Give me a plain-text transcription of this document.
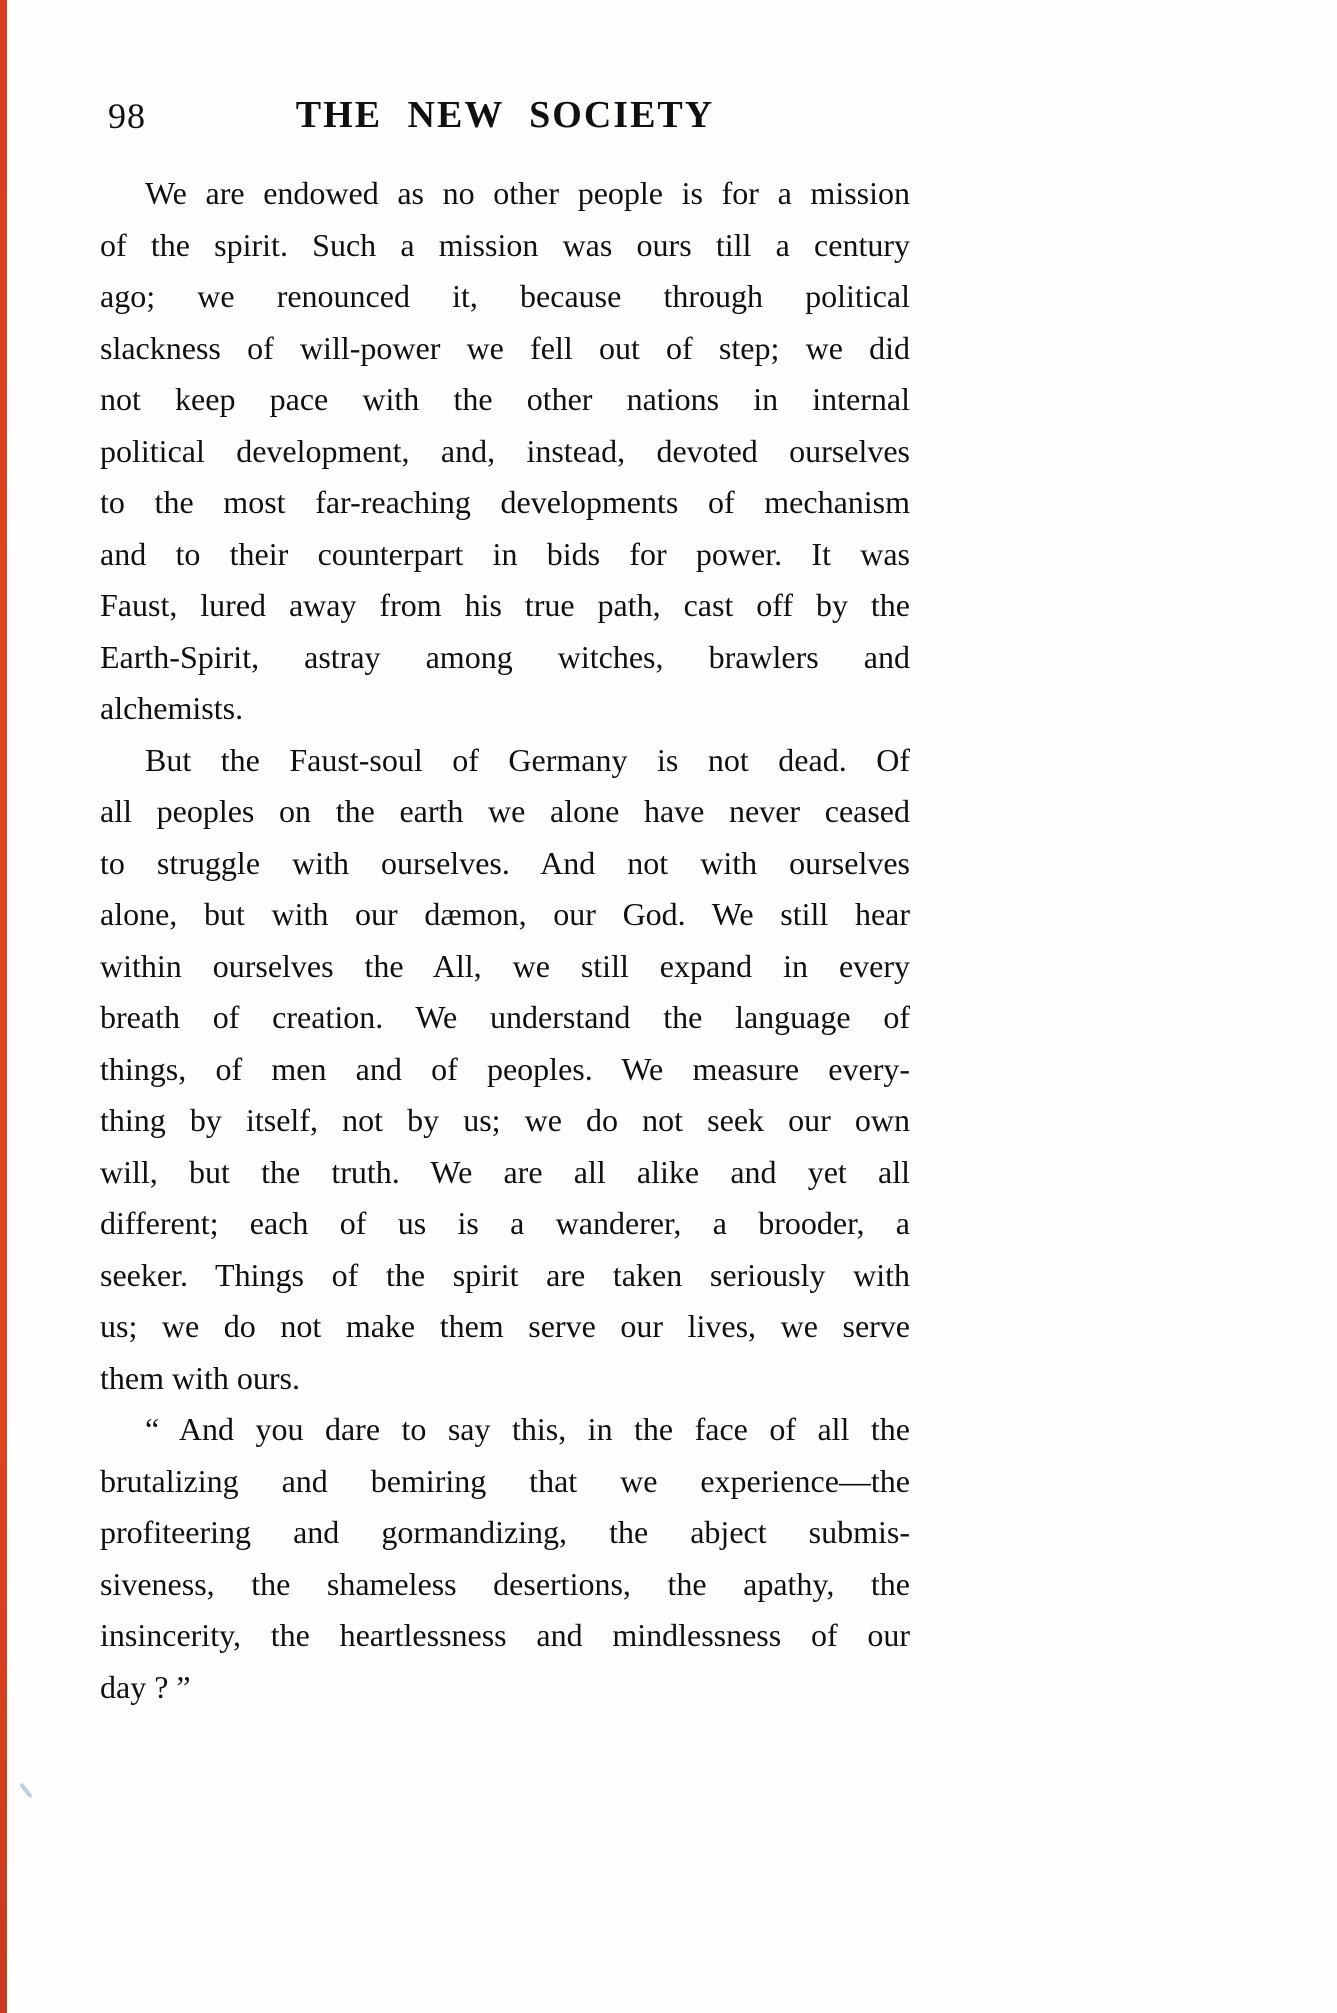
98	THE NEW SOCIETY
We are endowed as no other people is for a mission
of the spirit. Such a mission was ours till a century
ago; we renounced it, because through political
slackness of will-power we fell out of step; we did
not keep pace with the other nations in internal
political development, and, instead, devoted ourselves
to the most far-reaching developments of mechanism
and to their counterpart in bids for power. It was
Faust, lured away from his true path, cast off by the
Earth-Spirit, astray among witches, brawlers and
alchemists.
But the Faust-soul of Germany is not dead. Of
all peoples on the earth we alone have never ceased
to struggle with ourselves. And not with ourselves
alone, but with our dæmon, our God. We still hear
within ourselves the All, we still expand in every
breath of creation. We understand the language of
things, of men and of peoples. We measure every-
thing by itself, not by us; we do not seek our own
will, but the truth. We are all alike and yet all
different; each of us is a wanderer, a brooder, a
seeker. Things of the spirit are taken seriously with
us; we do not make them serve our lives, we serve
them with ours.
“ And you dare to say this, in the face of all the
brutalizing and bemiring that we experience—the
profiteering and gormandizing, the abject submis-
siveness, the shameless desertions, the apathy, the
insincerity, the heartlessness and mindlessness of our
day ? ”
